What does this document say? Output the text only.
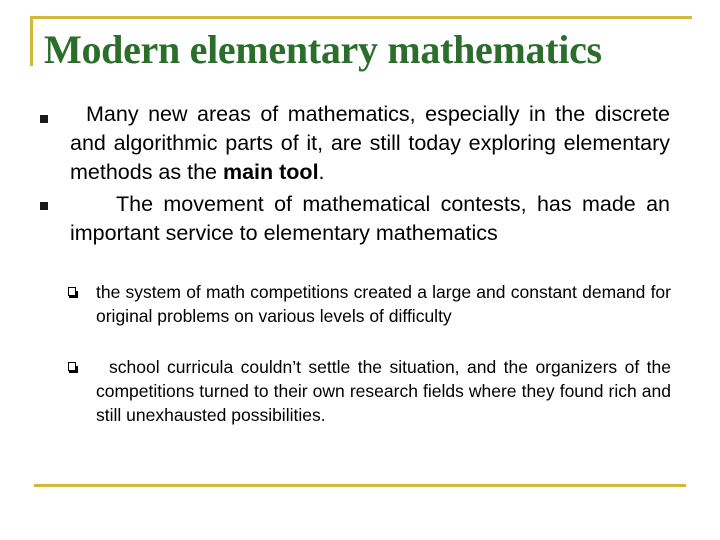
Modern elementary mathematics
Many new areas of mathematics, especially in the discrete and algorithmic parts of it, are still today exploring elementary methods as the main tool.
The movement of mathematical contests, has made an important service to elementary mathematics
the system of math competitions created a large and constant demand for original problems on various levels of difficulty
school curricula couldn’t settle the situation, and the organizers of the competitions turned to their own research fields where they found rich and still unexhausted possibilities.
